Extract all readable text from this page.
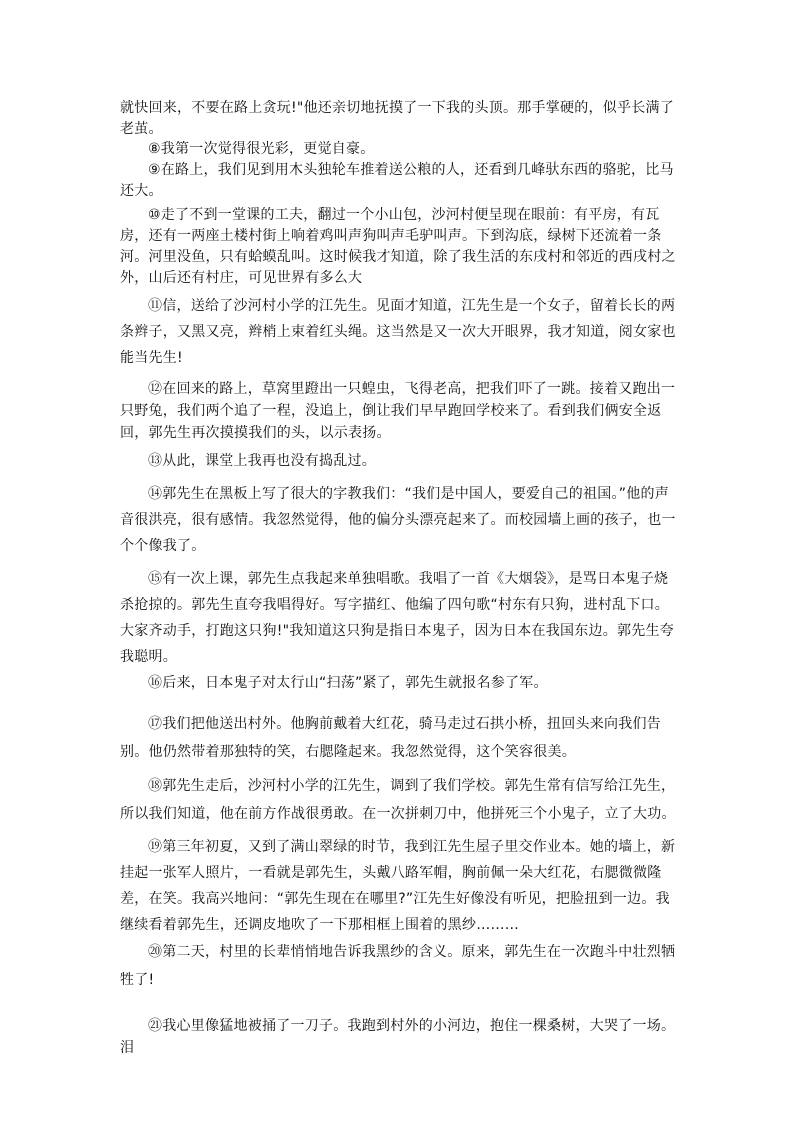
就快回来，不要在路上贪玩!"他还亲切地抚摸了一下我的头顶。那手掌硬的，似乎长满了老茧。

⑧我第一次觉得很光彩，更觉自豪。

⑨在路上，我们见到用木头独轮车推着送公粮的人，还看到几峰驮东西的骆驼，比马还大。

⑩走了不到一堂课的工夫，翻过一个小山包，沙河村便呈现在眼前：有平房，有瓦房，还有一两座土楼村街上响着鸡叫声狗叫声毛驴叫声。下到沟底，绿树下还流着一条河。河里没鱼，只有蛤蟆乱叫。这时候我才知道，除了我生活的东戌村和邻近的西戌村之外，山后还有村庄，可见世界有多么大

⑪信，送给了沙河村小学的江先生。见面才知道，江先生是一个女子，留着长长的两条辫子，又黑又亮，辫梢上束着红头绳。这当然是又一次大开眼界，我才知道，阅女家也能当先生!

⑫在回来的路上，草窝里蹬出一只蝗虫，飞得老高，把我们吓了一跳。接着又跑出一只野兔，我们两个追了一程，没追上，倒让我们早早跑回学校来了。看到我们俩安全返回，郭先生再次摸摸我们的头，以示表扬。

⑬从此，课堂上我再也没有捣乱过。

⑭郭先生在黑板上写了很大的字教我们：“我们是中国人，要爱自己的祖国。”他的声音很洪亮，很有感情。我忽然觉得，他的偏分头漂亮起来了。而校园墙上画的孩子，也一个个像我了。

⑮有一次上课，郭先生点我起来单独唱歌。我唱了一首《大烟袋》，是骂日本鬼子烧杀抢掠的。郭先生直夸我唱得好。写字描红、他编了四句歌“村东有只狗，进村乱下口。大家齐动手，打跑这只狗!"我知道这只狗是指日本鬼子，因为日本在我国东边。郭先生夸我聪明。

⑯后来，日本鬼子对太行山“扫荡”紧了，郭先生就报名参了军。

⑰我们把他送出村外。他胸前戴着大红花，骑马走过石拱小桥，扭回头来向我们告别。他仍然带着那独特的笑，右腮隆起来。我忽然觉得，这个笑容很美。

⑱郭先生走后，沙河村小学的江先生，调到了我们学校。郭先生常有信写给江先生，所以我们知道，他在前方作战很勇敢。在一次拼刺刀中，他拼死三个小鬼子，立了大功。

⑲第三年初夏，又到了满山翠绿的时节，我到江先生屋子里交作业本。她的墙上，新挂起一张军人照片，一看就是郭先生，头戴八路军帽，胸前佩一朵大红花，右腮微微隆差，在笑。我高兴地问：“郭先生现在在哪里?”江先生好像没有听见，把脸扭到一边。我继续看着郭先生，还调皮地吹了一下那相框上围着的黑纱………

⑳第二天，村里的长辈悄悄地告诉我黑纱的含义。原来，郭先生在一次跑斗中壮烈牺牲了!

㉑我心里像猛地被捅了一刀子。我跑到村外的小河边，抱住一棵桑树，大哭了一场。泪
